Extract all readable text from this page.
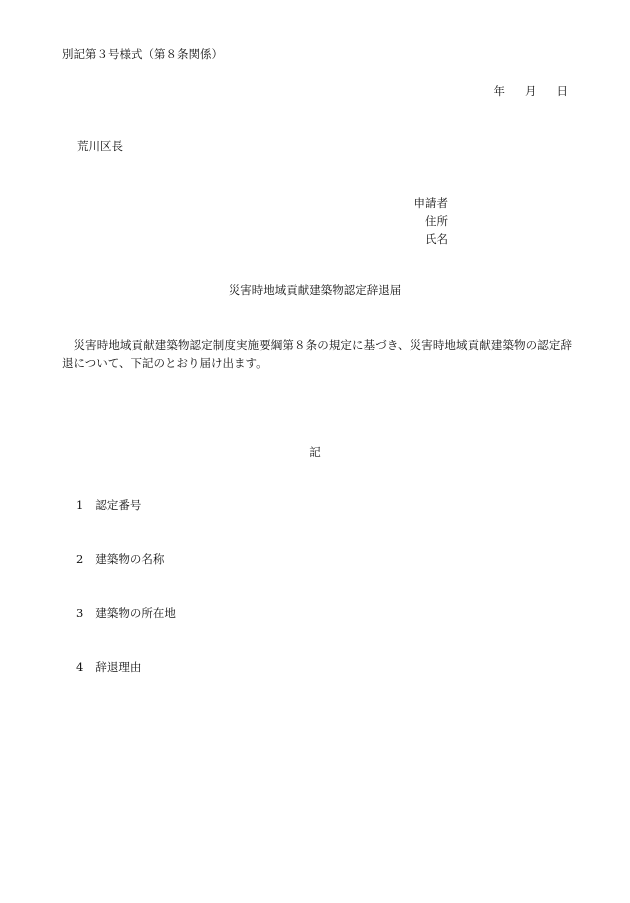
別記第３号様式（第８条関係）

年 月 日

荒川区長

申請者
住所
氏名

災害時地域貢献建築物認定辞退届

災害時地域貢献建築物認定制度実施要綱第８条の規定に基づき、災害時地域貢献建築物の認定辞退について、下記のとおり届け出ます。

記

1 認定番号
2 建築物の名称
3 建築物の所在地
4 辞退理由
